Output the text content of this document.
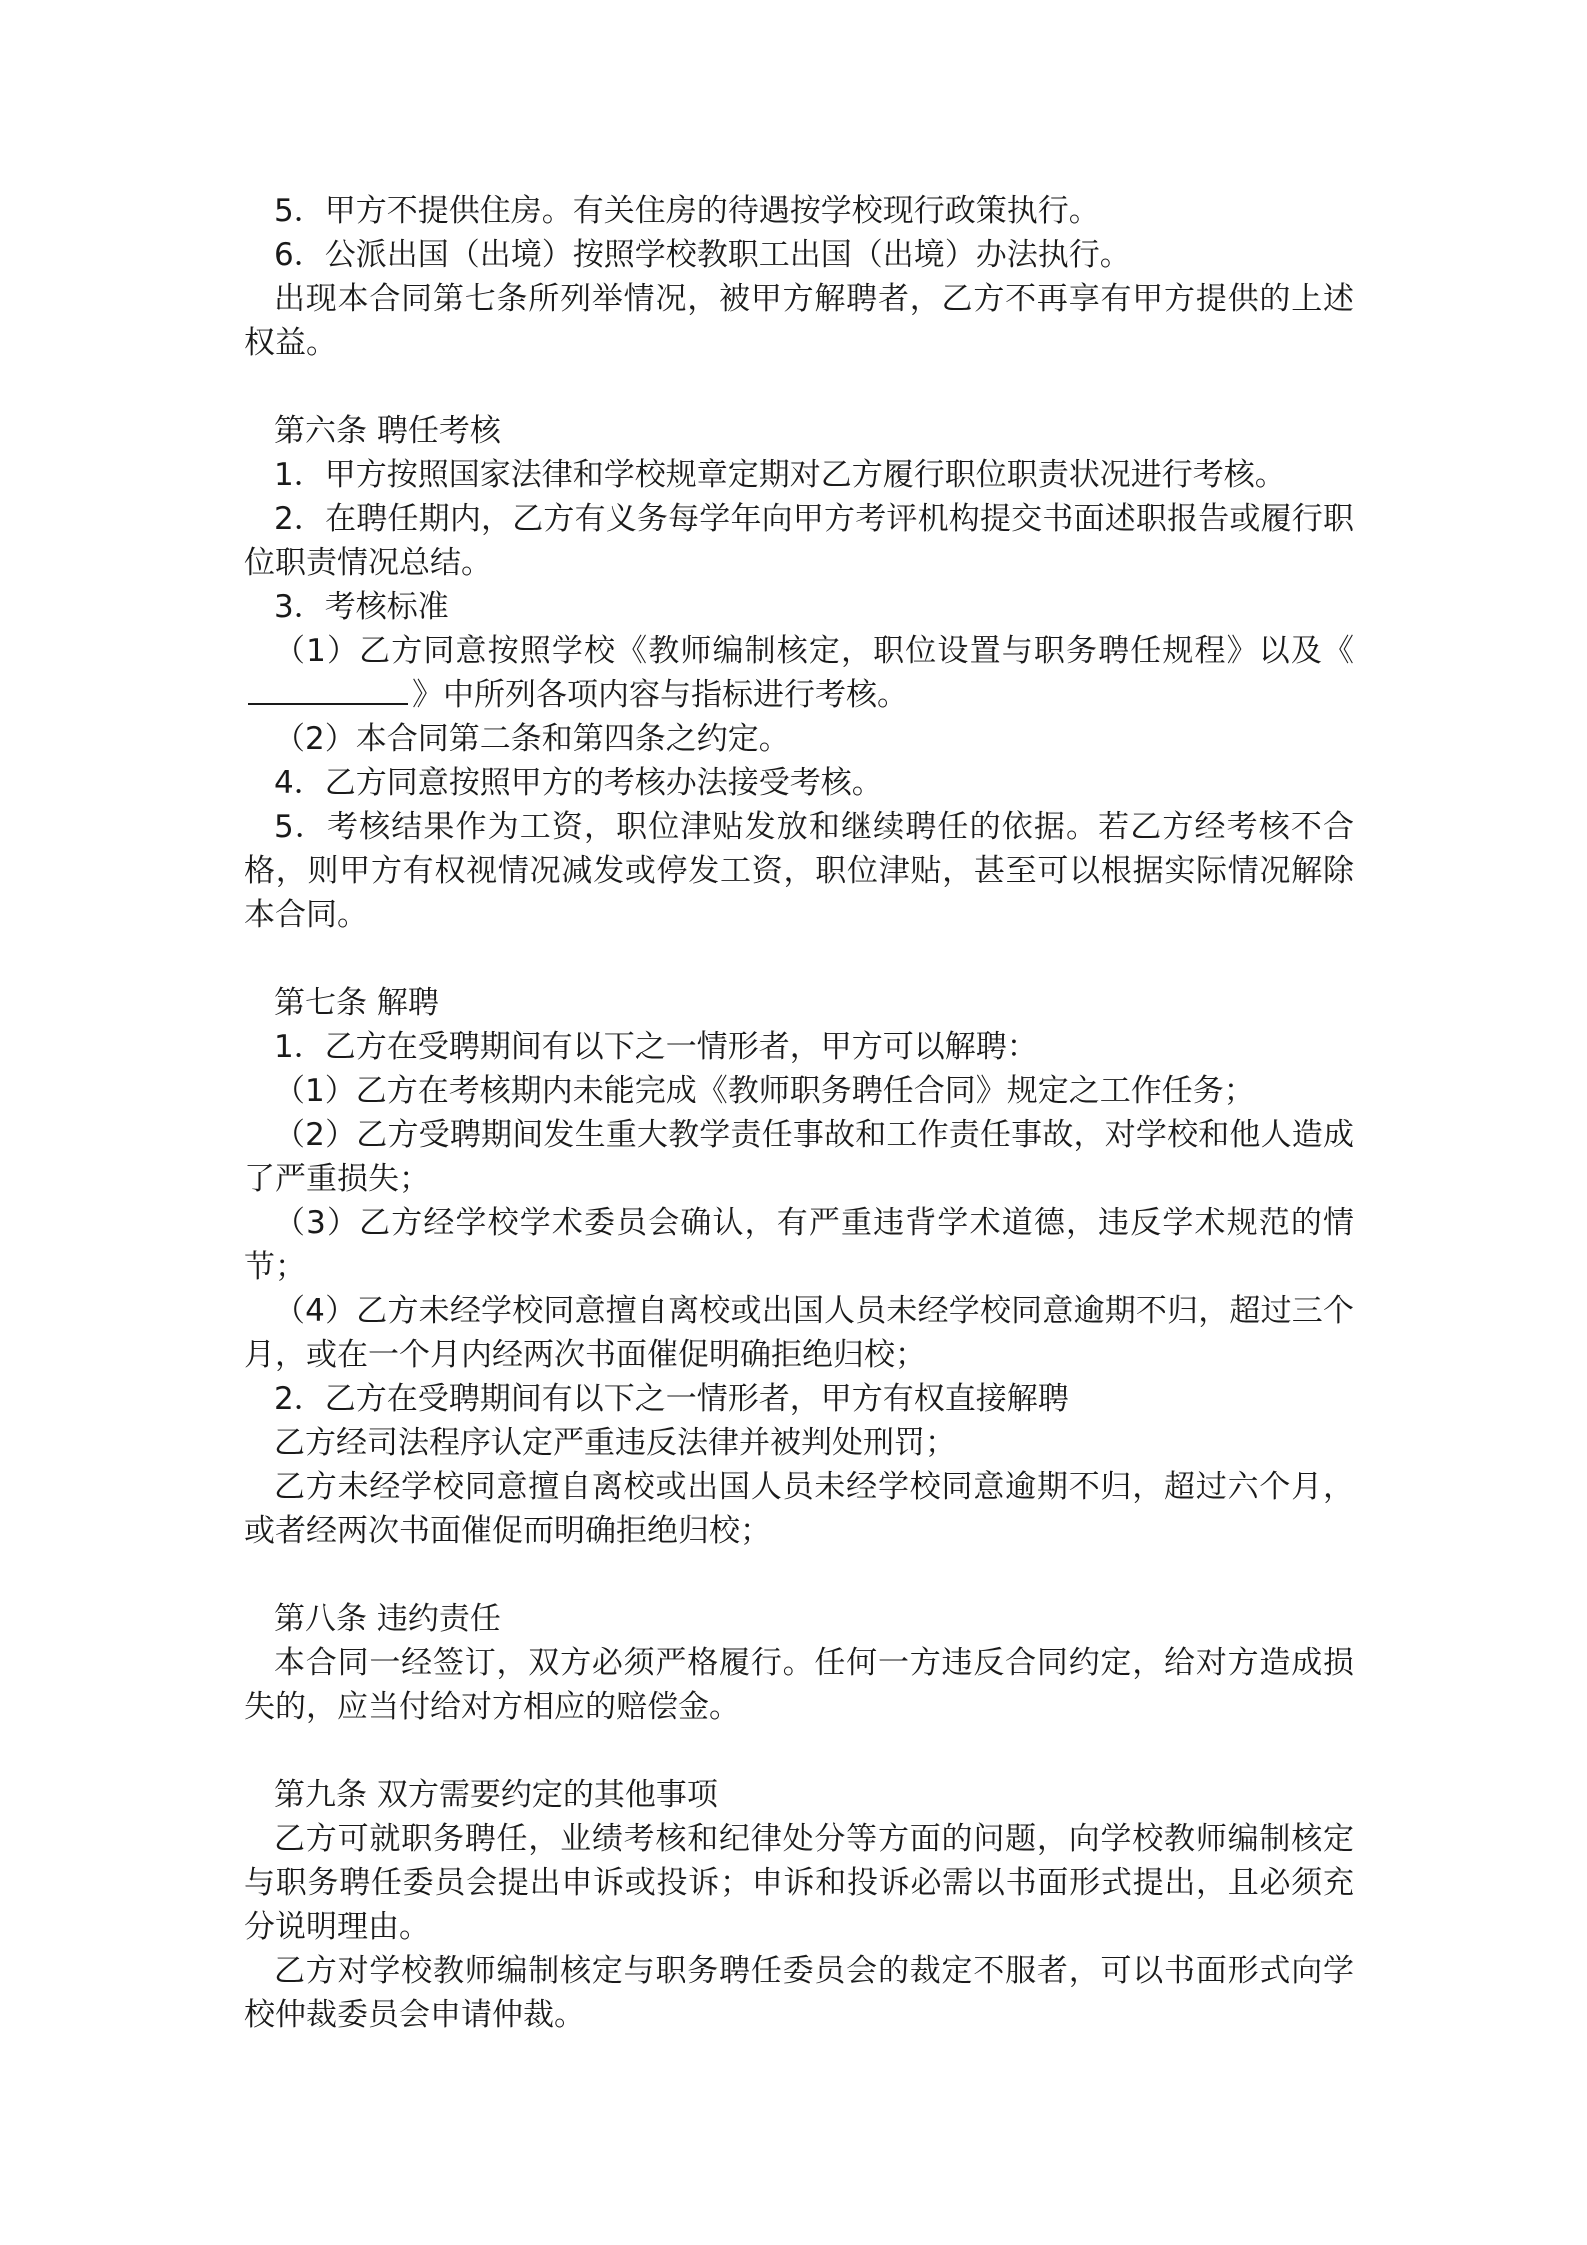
5．甲方不提供住房。有关住房的待遇按学校现行政策执行。

6．公派出国（出境）按照学校教职工出国（出境）办法执行。

出现本合同第七条所列举情况，被甲方解聘者，乙方不再享有甲方提供的上述权益。

第六条 聘任考核

1．甲方按照国家法律和学校规章定期对乙方履行职位职责状况进行考核。

2．在聘任期内，乙方有义务每学年向甲方考评机构提交书面述职报告或履行职位职责情况总结。

3．考核标准

（1）乙方同意按照学校《教师编制核定，职位设置与职务聘任规程》以及《》中所列各项内容与指标进行考核。

（2）本合同第二条和第四条之约定。

4．乙方同意按照甲方的考核办法接受考核。

5．考核结果作为工资，职位津贴发放和继续聘任的依据。若乙方经考核不合格，则甲方有权视情况减发或停发工资，职位津贴，甚至可以根据实际情况解除本合同。

第七条 解聘

1．乙方在受聘期间有以下之一情形者，甲方可以解聘：

（1）乙方在考核期内未能完成《教师职务聘任合同》规定之工作任务；

（2）乙方受聘期间发生重大教学责任事故和工作责任事故，对学校和他人造成了严重损失；

（3）乙方经学校学术委员会确认，有严重违背学术道德，违反学术规范的情节；

（4）乙方未经学校同意擅自离校或出国人员未经学校同意逾期不归，超过三个月，或在一个月内经两次书面催促明确拒绝归校；

2．乙方在受聘期间有以下之一情形者，甲方有权直接解聘

乙方经司法程序认定严重违反法律并被判处刑罚；

乙方未经学校同意擅自离校或出国人员未经学校同意逾期不归，超过六个月，或者经两次书面催促而明确拒绝归校；

第八条 违约责任

本合同一经签订，双方必须严格履行。任何一方违反合同约定，给对方造成损失的，应当付给对方相应的赔偿金。

第九条 双方需要约定的其他事项

乙方可就职务聘任，业绩考核和纪律处分等方面的问题，向学校教师编制核定与职务聘任委员会提出申诉或投诉；申诉和投诉必需以书面形式提出，且必须充分说明理由。

乙方对学校教师编制核定与职务聘任委员会的裁定不服者，可以书面形式向学校仲裁委员会申请仲裁。
